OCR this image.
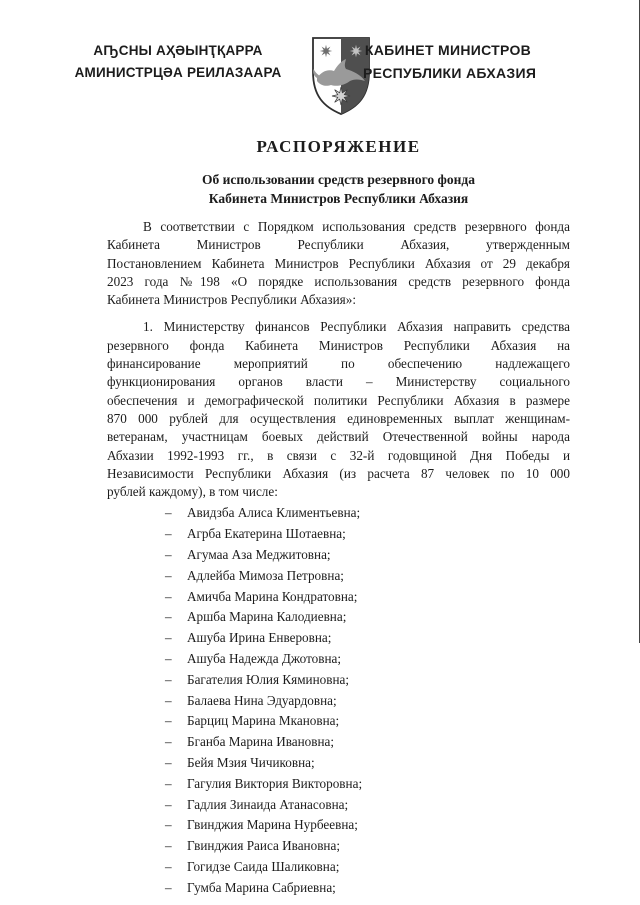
АҦСНЫ АҲӘЫНҬҚАРРА
АМИНИСТРЦӘА РЕИЛАЗААРА
КАБИНЕТ МИНИСТРОВ
РЕСПУБЛИКИ АБХАЗИЯ
РАСПОРЯЖЕНИЕ
Об использовании средств резервного фонда
Кабинета Министров Республики Абхазия
В соответствии с Порядком использования средств резервного фонда
Кабинета Министров Республики Абхазия, утвержденным
Постановлением Кабинета Министров Республики Абхазия от 29 декабря
2023 года №198 «О порядке использования средств резервного фонда
Кабинета Министров Республики Абхазия»:
1. Министерству финансов Республики Абхазия направить средства
резервного фонда Кабинета Министров Республики Абхазия на
финансирование мероприятий по обеспечению надлежащего
функционирования органов власти – Министерству социального
обеспечения и демографической политики Республики Абхазия в размере
870 000 рублей для осуществления единовременных выплат женщинам-
ветеранам, участницам боевых действий Отечественной войны народа
Абхазии 1992-1993 гг., в связи с 32-й годовщиной Дня Победы и
Независимости Республики Абхазия (из расчета 87 человек по 10 000
рублей каждому), в том числе:
– Авидзба Алиса Климентьевна;
– Агрба Екатерина Шотаевна;
– Агумаа Аза Меджитовна;
– Адлейба Мимоза Петровна;
– Амичба Марина Кондратовна;
– Аршба Марина Калодиевна;
– Ашуба Ирина Енверовна;
– Ашуба Надежда Джотовна;
– Багателия Юлия Кяминовна;
– Балаева Нина Эдуардовна;
– Барциц Марина Мкановна;
– Бганба Марина Ивановна;
– Бейя Мзия Чичиковна;
– Гагулия Виктория Викторовна;
– Гадлия Зинаида Атанасовна;
– Гвинджия Марина Нурбеевна;
– Гвинджия Раиса Ивановна;
– Гогидзе Саида Шаликовна;
– Гумба Марина Сабриевна;
